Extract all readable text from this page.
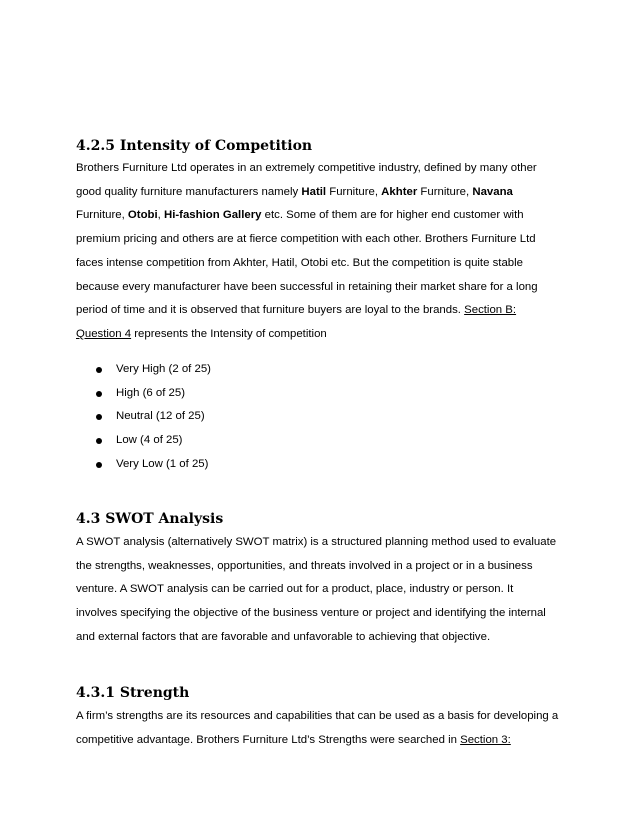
4.2.5 Intensity of Competition
Brothers Furniture Ltd operates in an extremely competitive industry, defined by many other
good quality furniture manufacturers namely Hatil Furniture, Akhter Furniture, Navana
Furniture, Otobi, Hi-fashion Gallery etc. Some of them are for higher end customer with
premium pricing and others are at fierce competition with each other. Brothers Furniture Ltd
faces intense competition from Akhter, Hatil, Otobi etc. But the competition is quite stable
because every manufacturer have been successful in retaining their market share for a long
period of time and it is observed that furniture buyers are loyal to the brands. Section B:
Question 4 represents the Intensity of competition
Very High (2 of 25)
High (6 of 25)
Neutral (12 of 25)
Low (4 of 25)
Very Low (1 of 25)
4.3 SWOT Analysis
A SWOT analysis (alternatively SWOT matrix) is a structured planning method used to evaluate
the strengths, weaknesses, opportunities, and threats involved in a project or in a business
venture. A SWOT analysis can be carried out for a product, place, industry or person. It
involves specifying the objective of the business venture or project and identifying the internal
and external factors that are favorable and unfavorable to achieving that objective.
4.3.1 Strength
A firm’s strengths are its resources and capabilities that can be used as a basis for developing a
competitive advantage. Brothers Furniture Ltd’s Strengths were searched in Section 3:
